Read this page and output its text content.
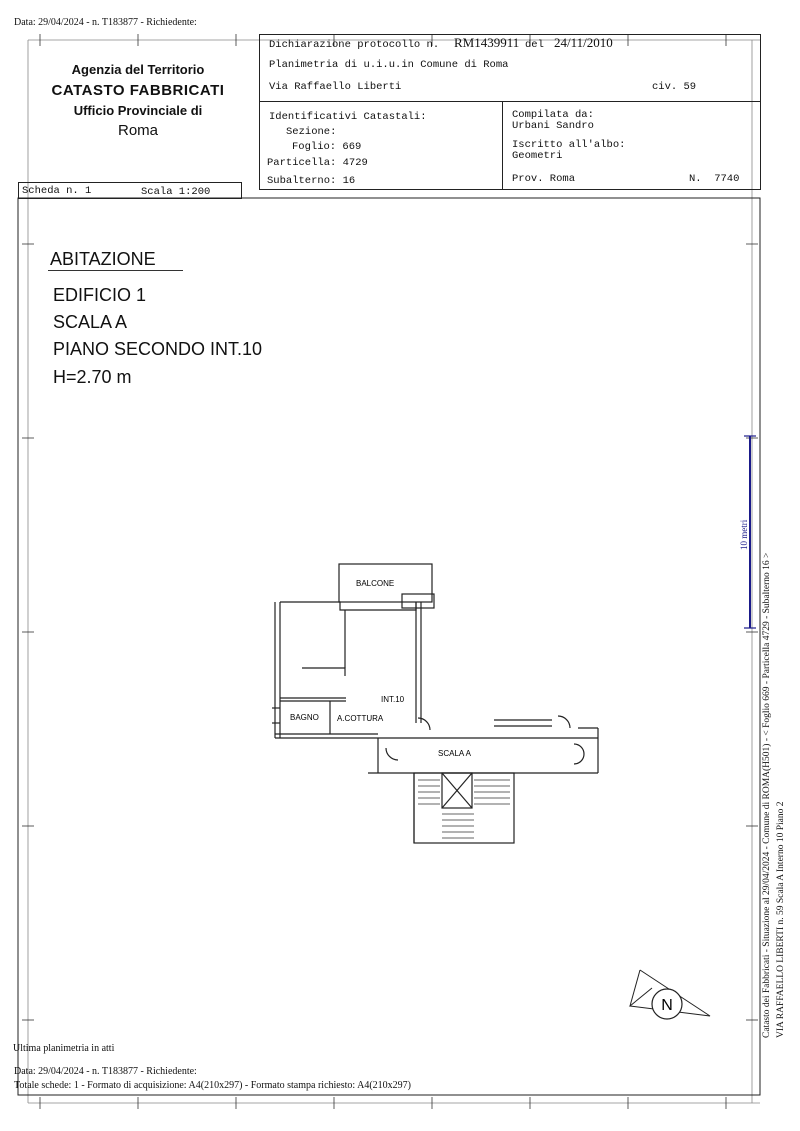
Data: 29/04/2024 - n. T183877 - Richiedente:
Agenzia del Territorio
CATASTO FABBRICATI
Ufficio Provinciale di
Roma
Scheda n. 1	Scala 1:200
Dichiarazione protocollo n. RM1439911 del 24/11/2010
Planimetria di u.i.u.in Comune di Roma
Via Raffaello Liberti	civ. 59
Identificativi Catastali:
Sezione:
Foglio: 669
Particella: 4729
Subalterno: 16
Compilata da:
Urbani Sandro
Iscritto all'albo:
Geometri
Prov. Roma	N.  7740
ABITAZIONE
EDIFICIO 1
SCALA A
PIANO SECONDO INT.10
H=2.70 m
BALCONE
INT.10
BAGNO A.COTTURA
SCALA A
10 metri
Catasto dei Fabbricati - Situazione al 29/04/2024 - Comune di ROMA(H501) - < Foglio 669 - Particella 4729 - Subalterno 16 > VIA RAFFAELLO LIBERTI n. 59 Scala A Interno 10 Piano 2
N
Ultima planimetria in atti
Data: 29/04/2024 - n. T183877 - Richiedente:
Totale schede: 1 - Formato di acquisizione: A4(210x297) - Formato stampa richiesto: A4(210x297)
